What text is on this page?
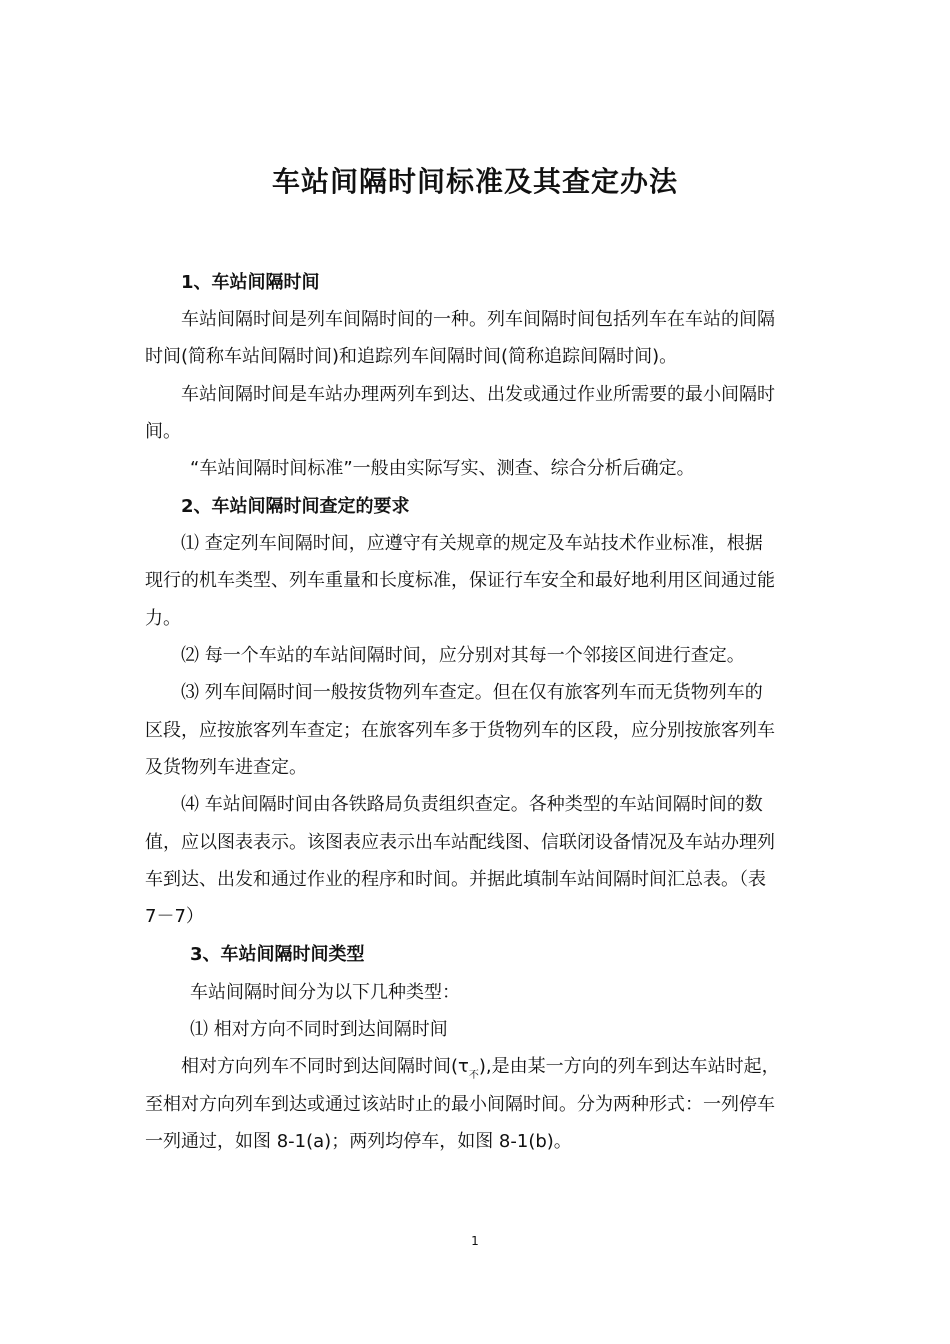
车站间隔时间标准及其查定办法
1、车站间隔时间
车站间隔时间是列车间隔时间的一种。列车间隔时间包括列车在车站的间隔
时间(简称车站间隔时间)和追踪列车间隔时间(简称追踪间隔时间)。
车站间隔时间是车站办理两列车到达、出发或通过作业所需要的最小间隔时
间。
“车站间隔时间标准”一般由实际写实、测查、综合分析后确定。
2、车站间隔时间查定的要求
⑴ 查定列车间隔时间，应遵守有关规章的规定及车站技术作业标准，根据
现行的机车类型、列车重量和长度标准，保证行车安全和最好地利用区间通过能
力。
⑵ 每一个车站的车站间隔时间，应分别对其每一个邻接区间进行查定。
⑶ 列车间隔时间一般按货物列车查定。但在仅有旅客列车而无货物列车的
区段，应按旅客列车查定；在旅客列车多于货物列车的区段，应分别按旅客列车
及货物列车进查定。
⑷ 车站间隔时间由各铁路局负责组织查定。各种类型的车站间隔时间的数
值，应以图表表示。该图表应表示出车站配线图、信联闭设备情况及车站办理列
车到达、出发和通过作业的程序和时间。并据此填制车站间隔时间汇总表。（表
7－7）
3、车站间隔时间类型
车站间隔时间分为以下几种类型：
⑴ 相对方向不同时到达间隔时间
相对方向列车不同时到达间隔时间$(\tau_不)$,是由某一方向的列车到达车站时起，
至相对方向列车到达或通过该站时止的最小间隔时间。分为两种形式：一列停车
一列通过，如图 8-1(a)；两列均停车，如图 8-1(b)。
1
